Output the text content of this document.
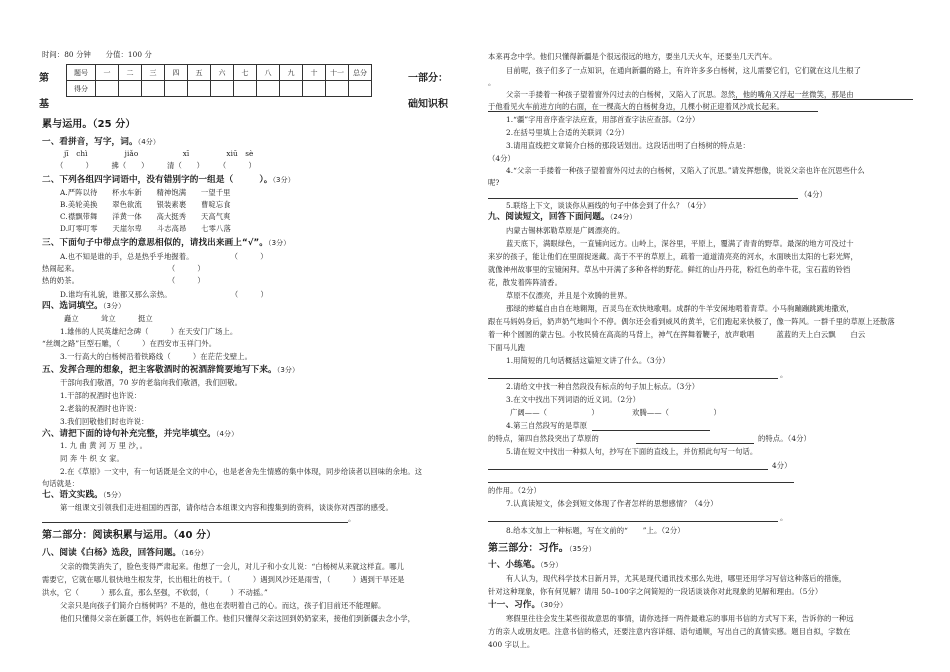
时间：80 分钟　　分值：100 分
第
基
题号	一	二	三	四	五	六	七	八	九	十	十一	总分
得分												
一部分：
础知识积
累与运用。（25 分）
一、看拼音，写字，词。（4分）
jī　chì　　　　　jiǎo　　　　　　xī　　　　　xiū　sè
（　　　）　　　拂（　　）　　　清（　　）　　　（　　　）
二、下列各组四字词语中，没有错别字的一组是（　　　）。（3分）
A.严阵以待　　杯水车新　　精神饱满　　一望千里
B.美轮美换　　翠色欲流　　银装素裹　　曹啶忘食
C.襟飘带舞　　洋黄一体　　高大挺秀　　天高气爽
D.叮零叮零　　天崖尔卑　　斗志高昂　　七零八落
三、下面句子中带点字的意思相似的，请找出来画上“√”。（3分）
A.也不知是谁的手，总是热乎乎地握着。　　　　　　（　　　）
热闹起来。　　　　　　　　　　　　　（　　　）
热的奶茶。　　　　　　　　　　　　　（　　　）
D.谁均有礼貌，谁都又那么亲热。　　　　　　　　　（　　　）
四、选词填空。（3分）
矗立　　　耸立　　　挺立
1.雄伟的人民英雄纪念碑（　　　）在天安门广场上。
“丝绸之路”巨型石雕，（　　　）在西安市玉祥门外。
3.一行高大的白杨树沿着铁路线（　　　）在茫茫戈壁上。
五、发挥合理的想象，把主客敬酒时的祝酒辞简要地写下来。（3分）
干部向我们敬酒，70 岁的老翁向我们敬酒，我们回敬。
1.干部的祝酒时也许说：
2.老翁的祝酒时也许说：
3.我们回敬他们时也许说：
六、请把下面的诗句补充完整，并完毕填空。（4分）
1. 九 曲 黄 河 万 里 沙，。
同 奔 牛 织 女 家。
2.在《草原》一文中，有一句话既是全文的中心，也是老舍先生情感的集中体现，同步给读者以回味的余地。这
句话就是：
七、语文实践。（5分）
第一组课文引领我们走进祖国的西部，请你结合本组课文内容和搜集到的资料，谈谈你对西部的感受。
。
第二部分：阅读积累与运用。（40 分）
八、阅读《白杨》选段，回答问题。（16分）
父亲的微笑消失了，脸色变得严肃起来。他想了一会儿，对儿子和小女儿说：“白杨树从来就这样直。哪儿
需要它，它就在哪儿很快地生根发芽，长出粗壮的枝干。（　　　）遇到风沙还是雨雪，（　　　）遇到干旱还是
洪水，它（　　　）那么直，那么坚强，不软弱，（　　　）不动摇。”
父亲只是向孩子们简介白杨树吗？不是的，他也在表明着自己的心。而这，孩子们目前还不能理解。
他们只懂得父亲在新疆工作，妈妈也在新疆工作。他们只懂得父亲这回到奶奶家来，接他们到新疆去念小学，
本来再念中学。他们只懂得新疆是个很远很远的地方，要坐几天火车，还要坐几天汽车。
目前呢，孩子们多了一点知识，在通向新疆的路上，有许许多多白杨树，这儿需要它们，它们就在这儿生根了
。
父亲一手搂着一种孩子望着窗外闪过去的白杨树，又陷入了沉思。忽然，他的嘴角又浮起一丝微笑，那是由
于他看见火车前进方向的右面，在一棵高大的白杨树身边，几棵小树正迎着风沙成长起来。
1.“疆”字用音序查字法应查，用部首查字法应查部。（2分）
2.在括号里填上合适的关联词（2分）
3.请用直线把文章简介白杨的那段话划出。这段话出明了白杨树的特点是：
（4分）
4.“父亲一手搂着一种孩子望着窗外闪过去的白杨树，又陷入了沉思。”请发挥想像，说说父亲也许在沉思些什么
呢?
（4分）
5.联络上下文，谈谈你从画线的句子中体会到了什么？（4分）
九、阅读短文，回答下面问题。（24分）
内蒙古锡林郭勒草原是广阔漂亮的。
蓝天底下，满眼绿色，一直铺向远方。山岭上，深谷里，平原上，覆满了青青的野草。最深的地方可没过十
来岁的孩子，能让他们在里面捉迷藏。高于不平的草原上，疏着一道道清亮亮的河水，水面映出太阳的七彩光辉，
就像神州故事里的宝镜闲拜。草丛中开满了多种各样的野花。鲜红的山丹丹花，粉红色的牵牛花，宝石蓝的铃铛
花，散发着阵阵清香。
草原不仅漂亮，并且是个欢腾的世界。
那绿的蚱蜢自由自在地翱翔，百灵鸟在欢快地歌唱。成群的牛羊安闲地啃着青草。小马驹蹦蹦跳跳地撒欢，
跟在马妈妈身后，奶声奶气地叫个不停。偶尔还会看到威风的黄羊，它们跑起来快极了，像一阵风。一群千里的草原上还散落
着一种个圆圆的蒙古包。小牧民骑在高高的马背上，神气在挥舞着鞭子，放声歌唱　　　蓝蓝的天上白云飘　　白云
下面马儿跑
1.用简短的几句话概括这篇短文讲了什么。（3分）
。
2.请给文中找一种自然段没有标点的句子加上标点。（3分）
3.在文中找出下列词语的近义词。（2分）
广阔——（　　　　　　）　　　　　欢腾——（　　　　　　）
4.第三自然段写的是草原
的特点，第四自然段突出了草原的	的特点。（4分）
5.请在短文中找出一种拟人句，抄写在下面的直线上，并仿照此句写一句话。
4分）
的作用。（2分）
7.认真读短文，体会到短文体现了作者怎样的思想感情？（4分）
。
8.给本文加上一种标题，写在文前的“　　”上。（2分）
第三部分：习作。（35分）
十、小练笔。（5分）
有人认为，现代科学技术日新月异，尤其是现代通讯技术那么先进，哪里还用学习写信这种落后的措施，
针对这种现象，你有何见解？请用 50–100字之间简短的一段话谈谈你对此现象的见解和理由。（5分）
十一、习作。（30分）
寒假里往往会发生某些很故意思的事情，请你选择一两件最难忘的事用书信的方式写下来，告诉你的一种远
方的亲人或朋友吧。注意书信的格式，还要注意内容详细、语句通顺，写出自己的真情实感。题目自拟，字数在
400 字以上。
